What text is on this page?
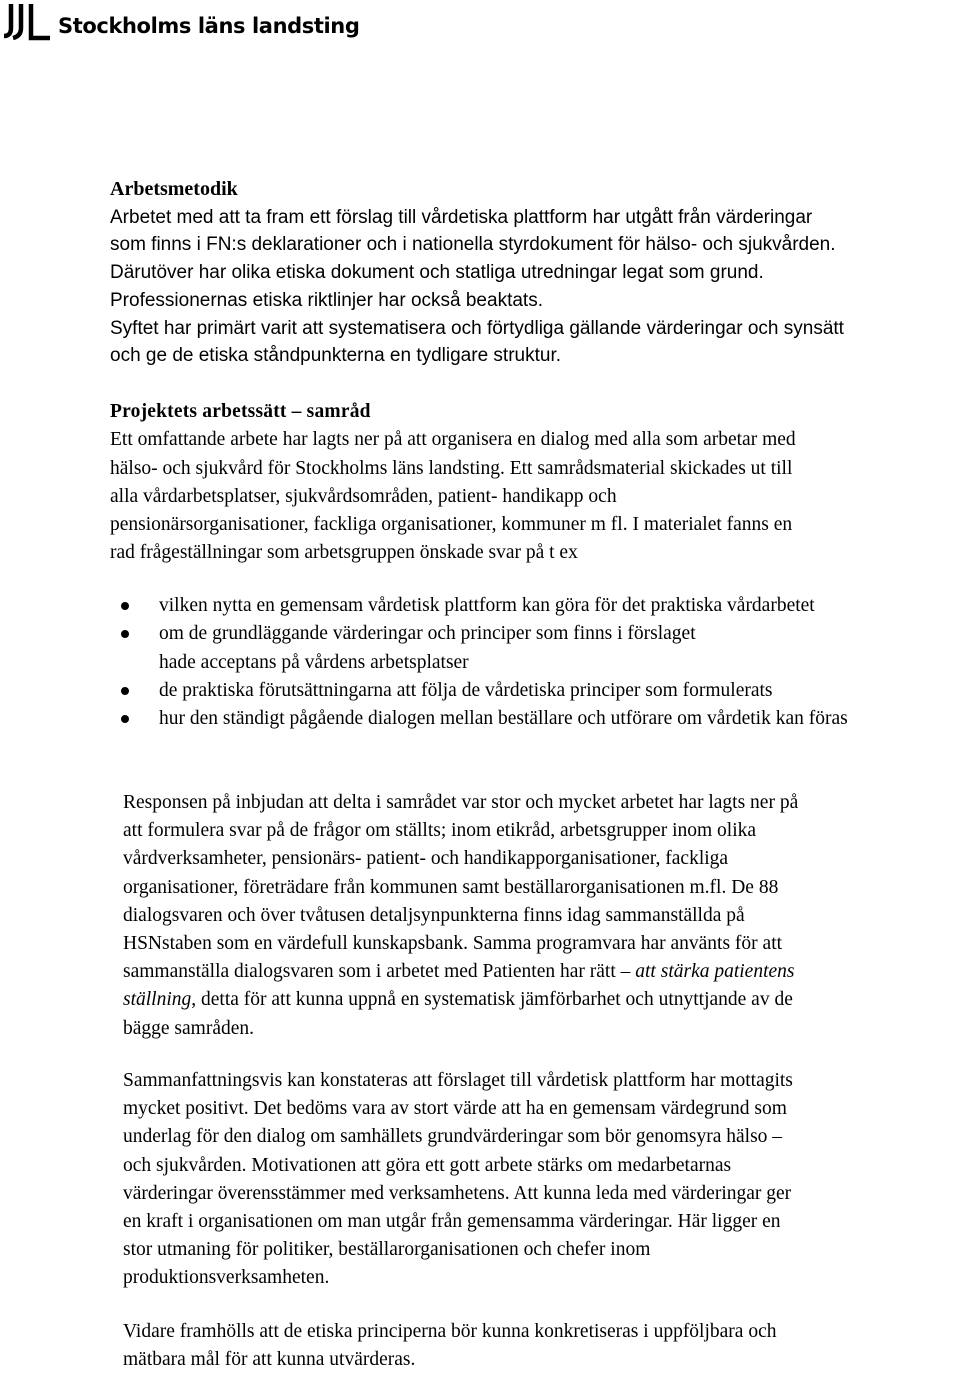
Stockholms läns landsting
Arbetsmetodik
Arbetet med att ta fram ett förslag till vårdetiska plattform har utgått från värderingar
som finns i FN:s deklarationer och i nationella styrdokument för hälso- och sjukvården.
Därutöver har olika etiska dokument och statliga utredningar legat som grund.
Professionernas etiska riktlinjer har också beaktats.
Syftet har primärt varit att systematisera och förtydliga gällande värderingar och synsätt
och ge de etiska ståndpunkterna en tydligare struktur.
Projektets arbetssätt – samråd
Ett omfattande arbete har lagts ner på att organisera en dialog med alla som arbetar med
hälso- och sjukvård för Stockholms läns landsting. Ett samrådsmaterial skickades ut till
alla vårdarbetsplatser, sjukvårdsområden, patient- handikapp och
pensionärsorganisationer, fackliga organisationer, kommuner m fl. I materialet fanns en
rad frågeställningar som arbetsgruppen önskade svar på t ex
vilken nytta en gemensam vårdetisk plattform kan göra för det praktiska vårdarbetet
om de grundläggande värderingar och principer som finns i förslaget hade acceptans på vårdens arbetsplatser
de praktiska förutsättningarna att följa de vårdetiska principer som formulerats
hur den ständigt pågående dialogen mellan beställare och utförare om vårdetik kan föras
Responsen på inbjudan att delta i samrådet var stor och mycket arbetet har lagts ner på
att formulera svar på de frågor om ställts; inom etikråd, arbetsgrupper inom olika
vårdverksamheter, pensionärs- patient- och handikapporganisationer, fackliga
organisationer, företrädare från kommunen samt beställarorganisationen m.fl. De 88
dialogsvaren och över tvåtusen detaljsynpunkterna finns idag sammanställda på
HSNstaben som en värdefull kunskapsbank. Samma programvara har använts för att
sammanställa dialogsvaren som i arbetet med Patienten har rätt – att stärka patientens
ställning, detta för att kunna uppnå en systematisk jämförbarhet och utnyttjande av de
bägge samråden.
Sammanfattningsvis kan konstateras att förslaget till vårdetisk plattform har mottagits
mycket positivt. Det bedöms vara av stort värde att ha en gemensam värdegrund som
underlag för den dialog om samhällets grundvärderingar som bör genomsyra hälso –
och sjukvården. Motivationen att göra ett gott arbete stärks om medarbetarnas
värderingar överensstämmer med verksamhetens. Att kunna leda med värderingar ger
en kraft i organisationen om man utgår från gemensamma värderingar. Här ligger en
stor utmaning för politiker, beställarorganisationen och chefer inom
produktionsverksamheten.
Vidare framhölls att de etiska principerna bör kunna konkretiseras i uppföljbara och
mätbara mål för att kunna utvärderas.
